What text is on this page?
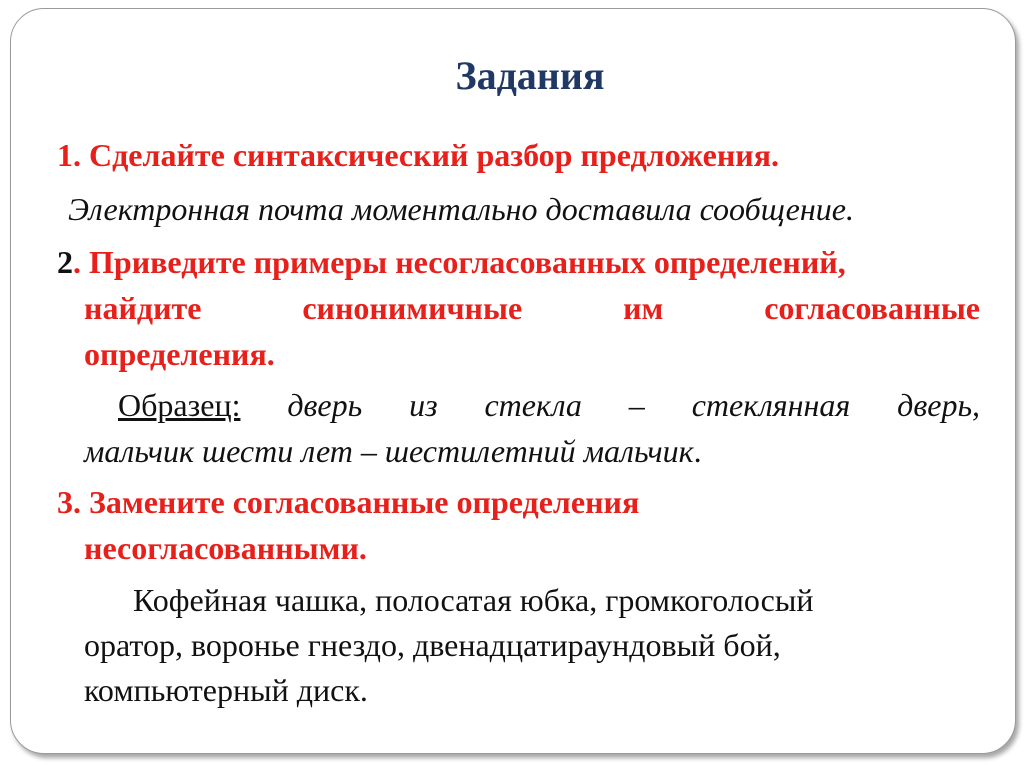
Задания

1. Сделайте синтаксический разбор предложения.

Электронная почта моментально доставила сообщение.

2. Приведите примеры несогласованных определений,

найдите синонимичные им согласованные

определения.

Образец: дверь из стекла – стеклянная дверь,

мальчик шести лет – шестилетний мальчик.

3. Замените согласованные определения

несогласованными.

Кофейная чашка, полосатая юбка, громкоголосый

оратор, воронье гнездо, двенадцатираундовый бой,

компьютерный диск.
